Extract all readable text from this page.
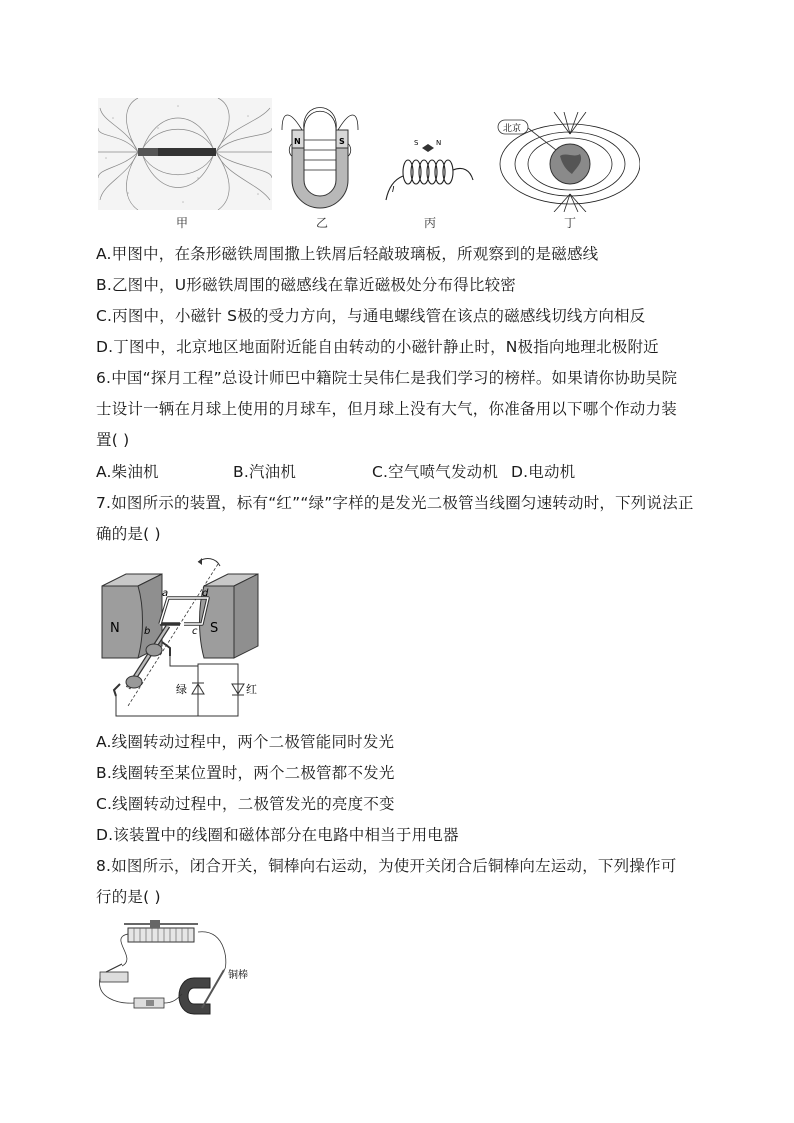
甲
N	S
乙
S	N
I
丙
北京
丁
A.甲图中，在条形磁铁周围撒上铁屑后轻敲玻璃板，所观察到的是磁感线
B.乙图中，U形磁铁周围的磁感线在靠近磁极处分布得比较密
C.丙图中，小磁针 S极的受力方向，与通电螺线管在该点的磁感线切线方向相反
D.丁图中，北京地区地面附近能自由转动的小磁针静止时，N极指向地理北极附近
6.中国“探月工程”总设计师巴中籍院士吴伟仁是我们学习的榜样。如果请你协助吴院
士设计一辆在月球上使用的月球车，但月球上没有大气，你准备用以下哪个作动力装
置( )
A.柴油机	B.汽油机	C.空气喷气发动机 D.电动机
7.如图所示的装置，标有“红”“绿”字样的是发光二极管当线圈匀速转动时，下列说法正
确的是( )
N	S
a
b	c
d
绿	红
A.线圈转动过程中，两个二极管能同时发光
B.线圈转至某位置时，两个二极管都不发光
C.线圈转动过程中，二极管发光的亮度不变
D.该装置中的线圈和磁体部分在电路中相当于用电器
8.如图所示，闭合开关，铜棒向右运动，为使开关闭合后铜棒向左运动，下列操作可
行的是( )
铜棒
